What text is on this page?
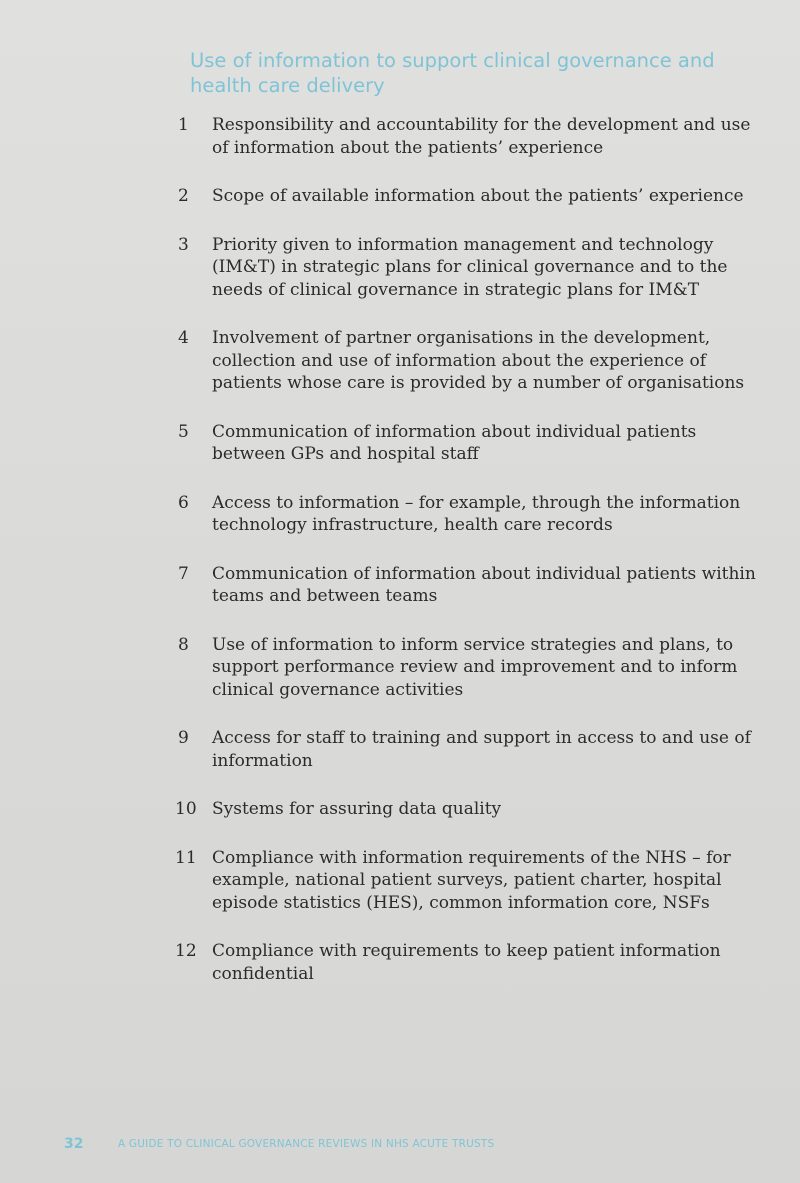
Use of information to support clinical governance and health care delivery
1	Responsibility and accountability for the development and use of information about the patients’ experience
2	Scope of available information about the patients’ experience
3	Priority given to information management and technology (IM&T) in strategic plans for clinical governance and to the needs of clinical governance in strategic plans for IM&T
4	Involvement of partner organisations in the development, collection and use of information about the experience of patients whose care is provided by a number of organisations
5	Communication of information about individual patients between GPs and hospital staff
6	Access to information – for example, through the information technology infrastructure, health care records
7	Communication of information about individual patients within teams and between teams
8	Use of information to inform service strategies and plans, to support performance review and improvement and to inform clinical governance activities
9	Access for staff to training and support in access to and use of information
10 Systems for assuring data quality
11 Compliance with information requirements of the NHS – for example, national patient surveys, patient charter, hospital episode statistics (HES), common information core, NSFs
12 Compliance with requirements to keep patient information confidential
32	A GUIDE TO CLINICAL GOVERNANCE REVIEWS IN NHS ACUTE TRUSTS
